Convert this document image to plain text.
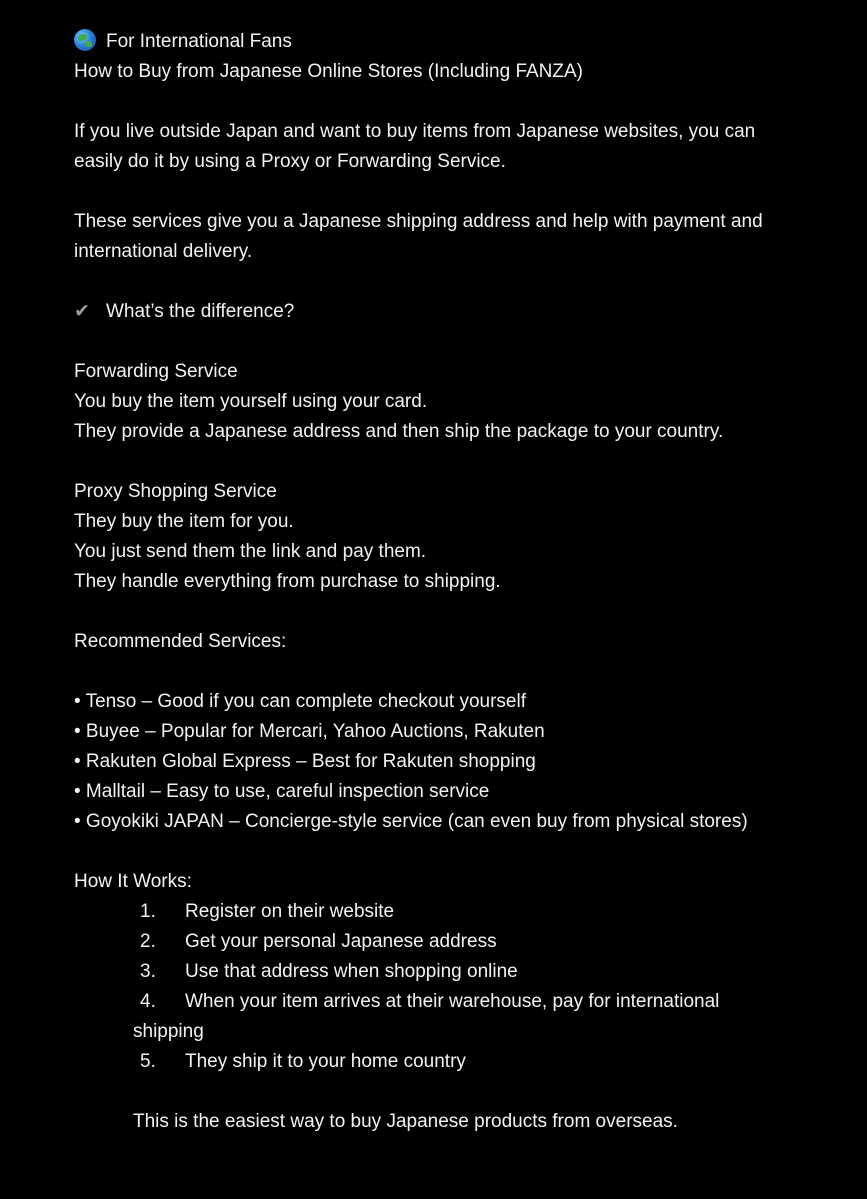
For International Fans
How to Buy from Japanese Online Stores (Including FANZA)
If you live outside Japan and want to buy items from Japanese websites, you can
easily do it by using a Proxy or Forwarding Service.
These services give you a Japanese shipping address and help with payment and
international delivery.
✔ What’s the difference?
Forwarding Service
You buy the item yourself using your card.
They provide a Japanese address and then ship the package to your country.
Proxy Shopping Service
They buy the item for you.
You just send them the link and pay them.
They handle everything from purchase to shipping.
Recommended Services:
• Tenso – Good if you can complete checkout yourself
• Buyee – Popular for Mercari, Yahoo Auctions, Rakuten
• Rakuten Global Express – Best for Rakuten shopping
• Malltail – Easy to use, careful inspection service
• Goyokiki JAPAN – Concierge-style service (can even buy from physical stores)
How It Works:
1. Register on their website
2. Get your personal Japanese address
3. Use that address when shopping online
4. When your item arrives at their warehouse, pay for international
shipping
5. They ship it to your home country
This is the easiest way to buy Japanese products from overseas.
